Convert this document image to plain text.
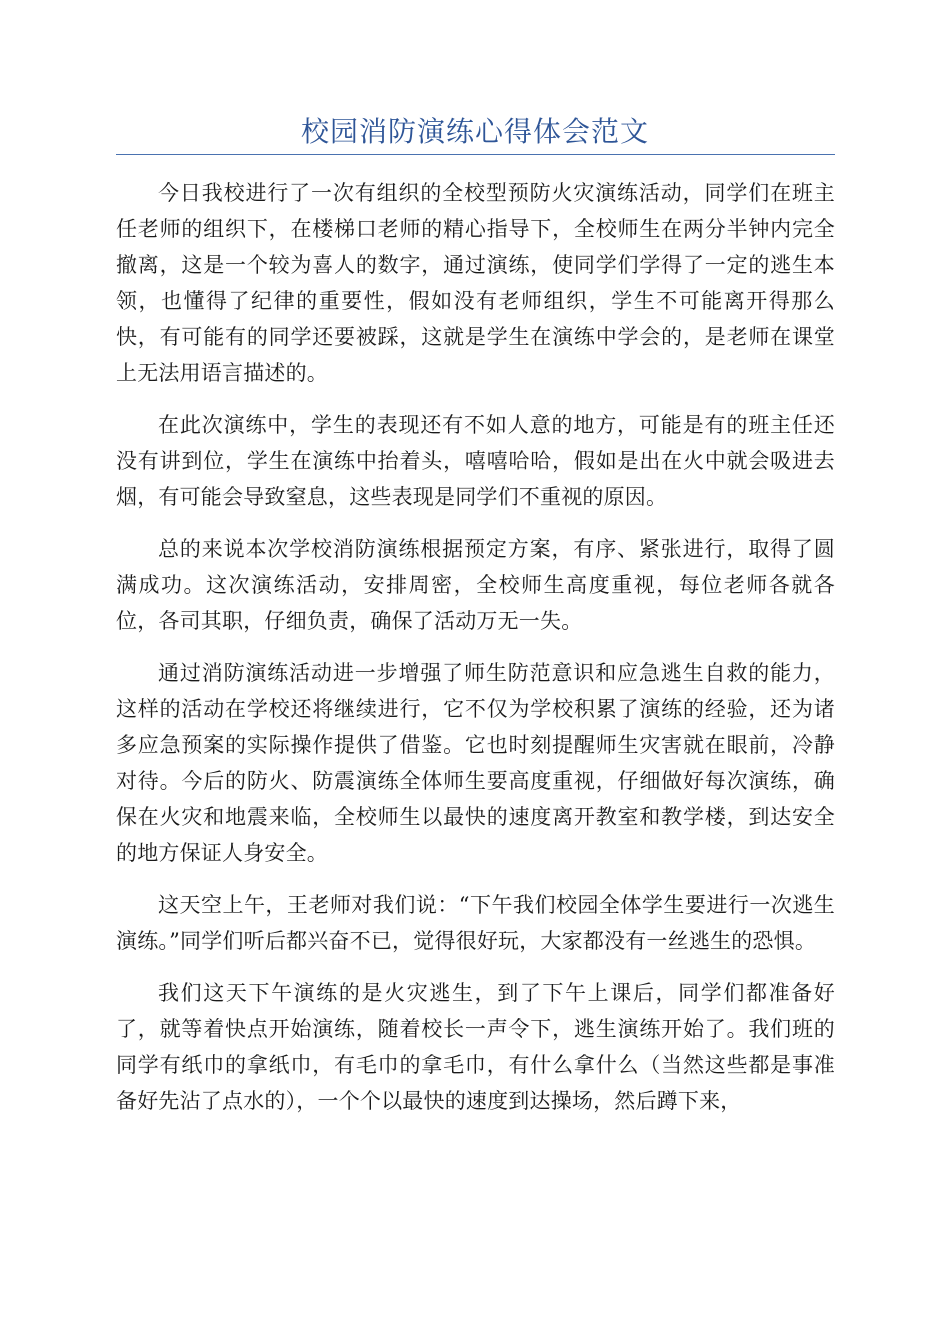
校园消防演练心得体会范文

今日我校进行了一次有组织的全校型预防火灾演练活动，同学们在班主任老师的组织下，在楼梯口老师的精心指导下，全校师生在两分半钟内完全撤离，这是一个较为喜人的数字，通过演练，使同学们学得了一定的逃生本领，也懂得了纪律的重要性，假如没有老师组织，学生不可能离开得那么快，有可能有的同学还要被踩，这就是学生在演练中学会的，是老师在课堂上无法用语言描述的。

在此次演练中，学生的表现还有不如人意的地方，可能是有的班主任还没有讲到位，学生在演练中抬着头，嘻嘻哈哈，假如是出在火中就会吸进去烟，有可能会导致窒息，这些表现是同学们不重视的原因。

总的来说本次学校消防演练根据预定方案，有序、紧张进行，取得了圆满成功。这次演练活动，安排周密，全校师生高度重视，每位老师各就各位，各司其职，仔细负责，确保了活动万无一失。

通过消防演练活动进一步增强了师生防范意识和应急逃生自救的能力，这样的活动在学校还将继续进行，它不仅为学校积累了演练的经验，还为诸多应急预案的实际操作提供了借鉴。它也时刻提醒师生灾害就在眼前，冷静对待。今后的防火、防震演练全体师生要高度重视，仔细做好每次演练，确保在火灾和地震来临，全校师生以最快的速度离开教室和教学楼，到达安全的地方保证人身安全。

这天空上午，王老师对我们说：“下午我们校园全体学生要进行一次逃生演练。”同学们听后都兴奋不已，觉得很好玩，大家都没有一丝逃生的恐惧。

我们这天下午演练的是火灾逃生，到了下午上课后，同学们都准备好了，就等着快点开始演练，随着校长一声令下，逃生演练开始了。我们班的同学有纸巾的拿纸巾，有毛巾的拿毛巾，有什么拿什么（当然这些都是事准备好先沾了点水的），一个个以最快的速度到达操场，然后蹲下来，
